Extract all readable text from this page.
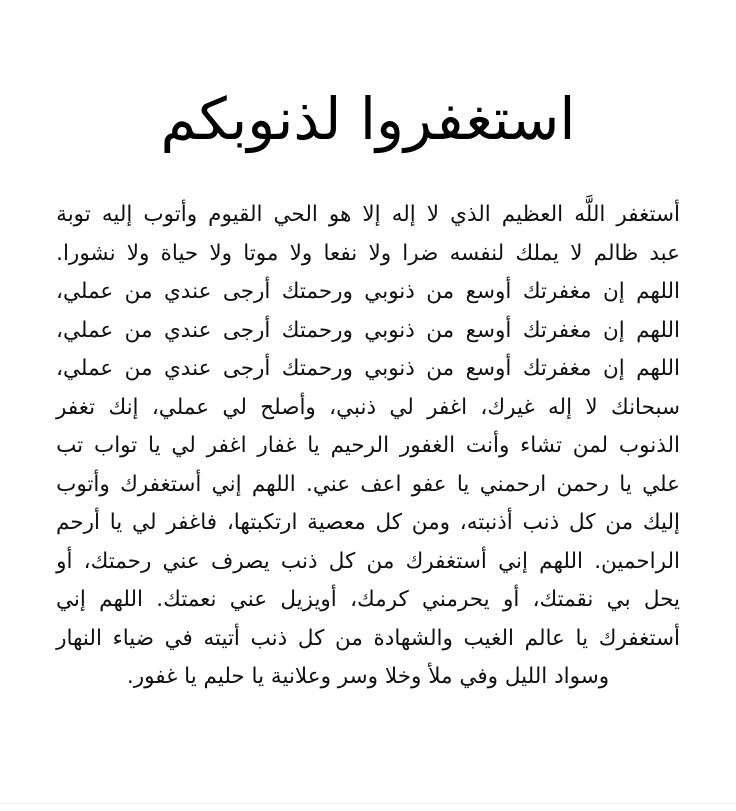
استغفروا لذنوبكم
أستغفر
اللَّه
العظيم
الذي
لا
إله
إلا
هو
الحي
القيوم
وأتوب
إليه
توبة
عبد
ظالم
لا
يملك
لنفسه
ضرا
ولا
نفعا
ولا
موتا
ولا
حياة
ولا
نشورا.
اللهم
إن
مغفرتك
أوسع
من
ذنوبي
ورحمتك
أرجى
عندي
من
عملي،
اللهم
إن
مغفرتك
أوسع
من
ذنوبي
ورحمتك
أرجى
عندي
من
عملي،
اللهم
إن
مغفرتك
أوسع
من
ذنوبي
ورحمتك
أرجى
عندي
من
عملي،
سبحانك
لا
إله
غيرك،
اغفر
لي
ذنبي،
وأصلح
لي
عملي،
إنك
تغفر
الذنوب
لمن
تشاء
وأنت
الغفور
الرحيم
يا
غفار
اغفر
لي
يا
تواب
تب
علي
يا
رحمن
ارحمني
يا
عفو
اعف
عني.
اللهم
إني
أستغفرك
وأتوب
إليك
من
كل
ذنب
أذنبته،
ومن
كل
معصية
ارتكبتها،
فاغفر
لي
يا
أرحم
الراحمين.
اللهم
إني
أستغفرك
من
كل
ذنب
يصرف
عني
رحمتك،
أو
يحل
بي
نقمتك،
أو
يحرمني
كرمك،
أويزيل
عني
نعمتك.
اللهم
إني
أستغفرك
يا
عالم
الغيب
والشهادة
من
كل
ذنب
أتيته
في
ضياء
النهار
وسواد الليل وفي ملأ وخلا وسر وعلانية يا حليم يا غفور.
